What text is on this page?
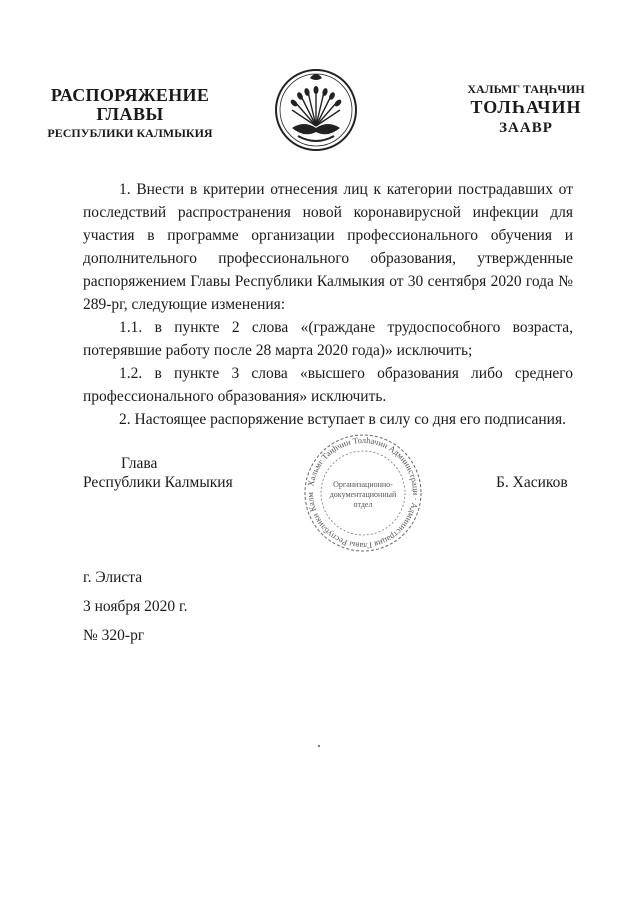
РАСПОРЯЖЕНИЕ
ГЛАВЫ
РЕСПУБЛИКИ КАЛМЫКИЯ
ХАЛЬМГ ТАҢҺЧИН
ТОЛҺАЧИН
ЗААВР

1. Внести в критерии отнесения лиц к категории пострадавших от последствий распространения новой коронавирусной инфекции для участия в программе организации профессионального обучения и дополнительного профессионального образования, утвержденные распоряжением Главы Республики Калмыкия от 30 сентября 2020 года № 289-рг, следующие изменения:

1.1. в пункте 2 слова «(граждане трудоспособного возраста, потерявшие работу после 28 марта 2020 года)» исключить;

1.2. в пункте 3 слова «высшего образования либо среднего профессионального образования» исключить.

2. Настоящее распоряжение вступает в силу со дня его подписания.

Глава
Республики Калмыкия	Б. Хасиков
Хальмг Таңһчин Толһачин Администраци · Администрация Главы Республики Калм
Организационно-
документационный
отдел
г. Элиста
3 ноября 2020 г.
№ 320-рг
